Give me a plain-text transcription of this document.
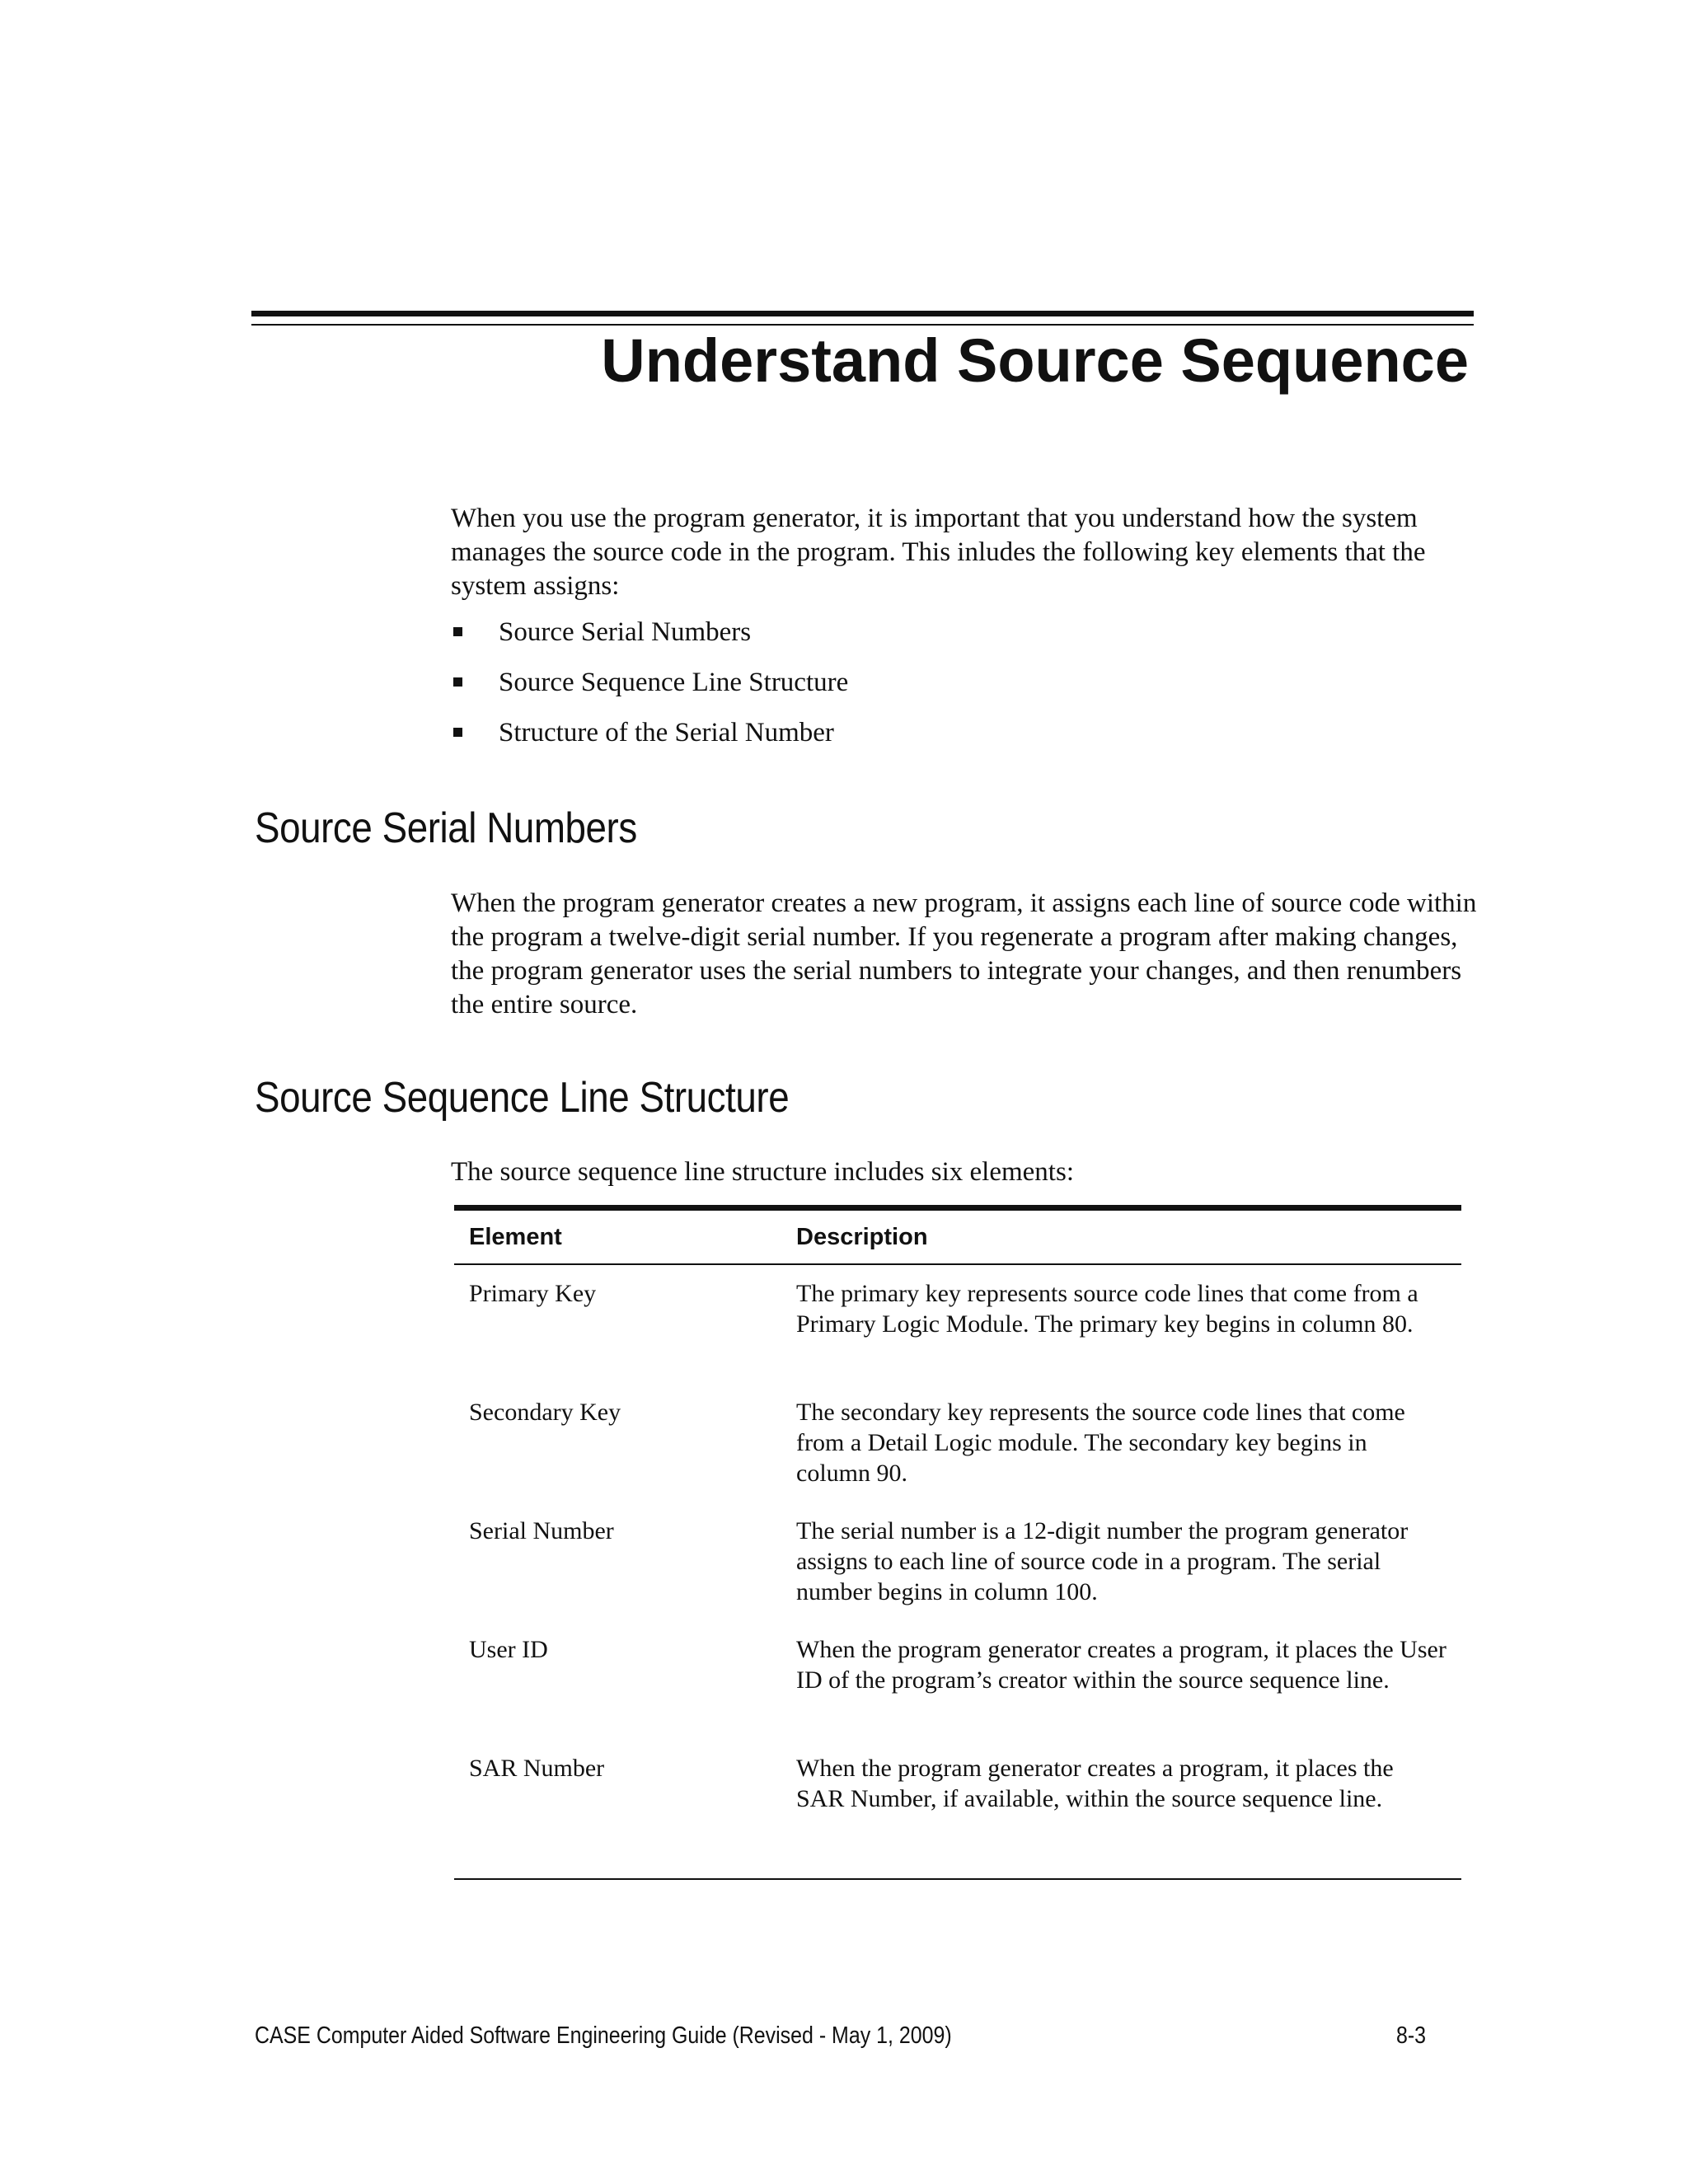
Understand Source Sequence

When you use the program generator, it is important that you understand how the system manages the source code in the program. This inludes the following key elements that the system assigns:

Source Serial Numbers
Source Sequence Line Structure
Structure of the Serial Number
Source Serial Numbers

When the program generator creates a new program, it assigns each line of source code within the program a twelve-digit serial number. If you regenerate a program after making changes, the program generator uses the serial numbers to integrate your changes, and then renumbers the entire source.

Source Sequence Line Structure

The source sequence line structure includes six elements:

Element	Description
Primary Key	The primary key represents source code lines that come from a Primary Logic Module. The primary key begins in column 80.
Secondary Key	The secondary key represents the source code lines that come from a Detail Logic module. The secondary key begins in column 90.
Serial Number	The serial number is a 12-digit number the program generator assigns to each line of source code in a program. The serial number begins in column 100.
User ID	When the program generator creates a program, it places the User ID of the program’s creator within the source sequence line.
SAR Number	When the program generator creates a program, it places the SAR Number, if available, within the source sequence line.
CASE Computer Aided Software Engineering Guide (Revised - May 1, 2009)	8-3
